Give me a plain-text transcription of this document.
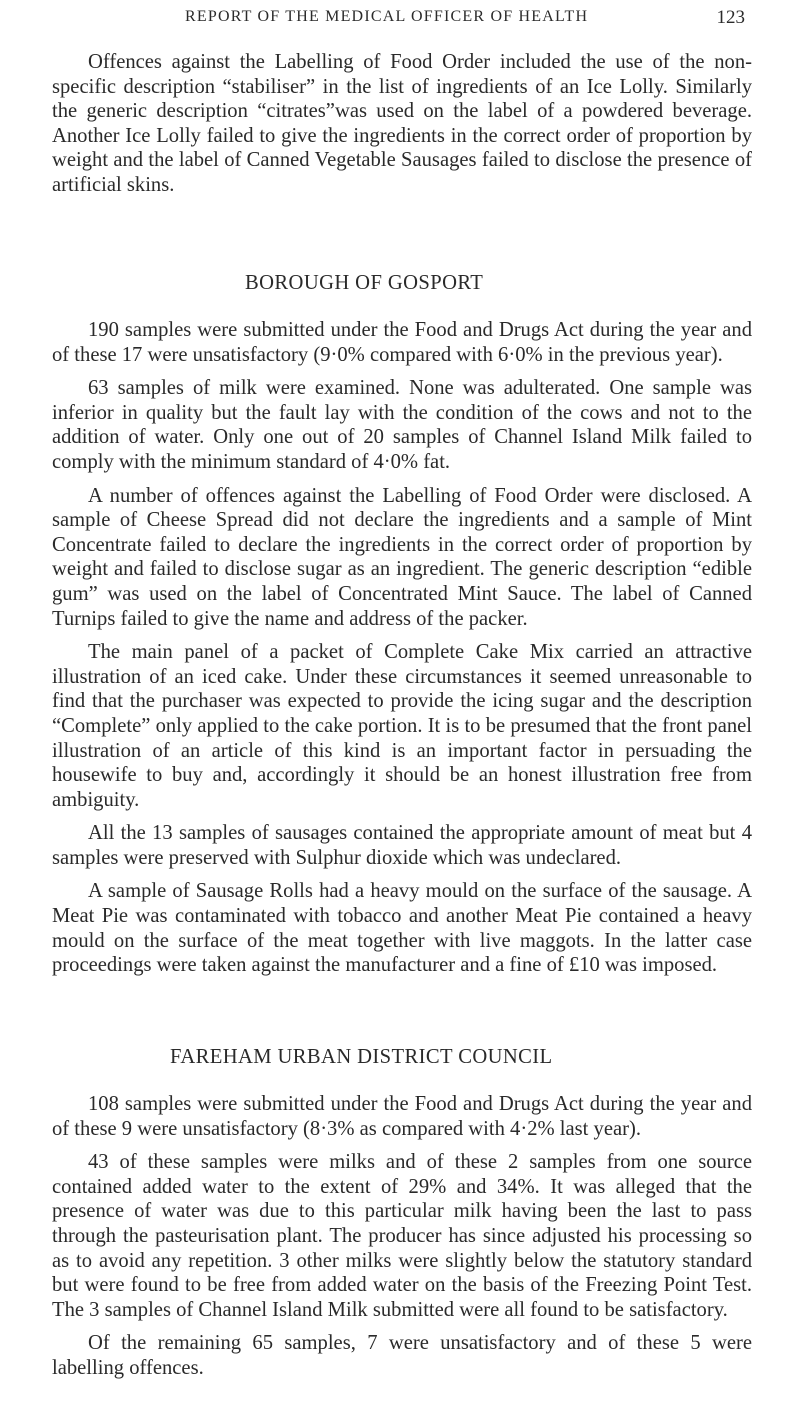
REPORT OF THE MEDICAL OFFICER OF HEALTH	123

Offences against the Labelling of Food Order included the use of the non-specific description “stabiliser” in the list of ingredients of an Ice Lolly. Similarly the generic description “citrates”was used on the label of a powdered beverage. Another Ice Lolly failed to give the ingredients in the correct order of proportion by weight and the label of Canned Vegetable Sausages failed to disclose the presence of artificial skins.

BOROUGH OF GOSPORT

190 samples were submitted under the Food and Drugs Act during the year and of these 17 were unsatisfactory (9·0% compared with 6·0% in the previous year).

63 samples of milk were examined. None was adulterated. One sample was inferior in quality but the fault lay with the condition of the cows and not to the addition of water. Only one out of 20 samples of Channel Island Milk failed to comply with the minimum standard of 4·0% fat.

A number of offences against the Labelling of Food Order were disclosed. A sample of Cheese Spread did not declare the ingredients and a sample of Mint Concentrate failed to declare the ingredients in the correct order of proportion by weight and failed to disclose sugar as an ingredient. The generic description “edible gum” was used on the label of Concentrated Mint Sauce. The label of Canned Turnips failed to give the name and address of the packer.

The main panel of a packet of Complete Cake Mix carried an attractive illustration of an iced cake. Under these circumstances it seemed unreasonable to find that the purchaser was expected to provide the icing sugar and the description “Complete” only applied to the cake portion. It is to be presumed that the front panel illustration of an article of this kind is an important factor in persuading the housewife to buy and, accordingly it should be an honest illustration free from ambiguity.

All the 13 samples of sausages contained the appropriate amount of meat but 4 samples were preserved with Sulphur dioxide which was undeclared.

A sample of Sausage Rolls had a heavy mould on the surface of the sausage. A Meat Pie was contaminated with tobacco and another Meat Pie contained a heavy mould on the surface of the meat together with live maggots. In the latter case proceedings were taken against the manufacturer and a fine of £10 was imposed.

FAREHAM URBAN DISTRICT COUNCIL

108 samples were submitted under the Food and Drugs Act during the year and of these 9 were unsatisfactory (8·3% as compared with 4·2% last year).

43 of these samples were milks and of these 2 samples from one source contained added water to the extent of 29% and 34%. It was alleged that the presence of water was due to this particular milk having been the last to pass through the pasteurisation plant. The producer has since adjusted his processing so as to avoid any repetition. 3 other milks were slightly below the statutory standard but were found to be free from added water on the basis of the Freezing Point Test. The 3 samples of Channel Island Milk submitted were all found to be satisfactory.

Of the remaining 65 samples, 7 were unsatisfactory and of these 5 were labelling offences.
